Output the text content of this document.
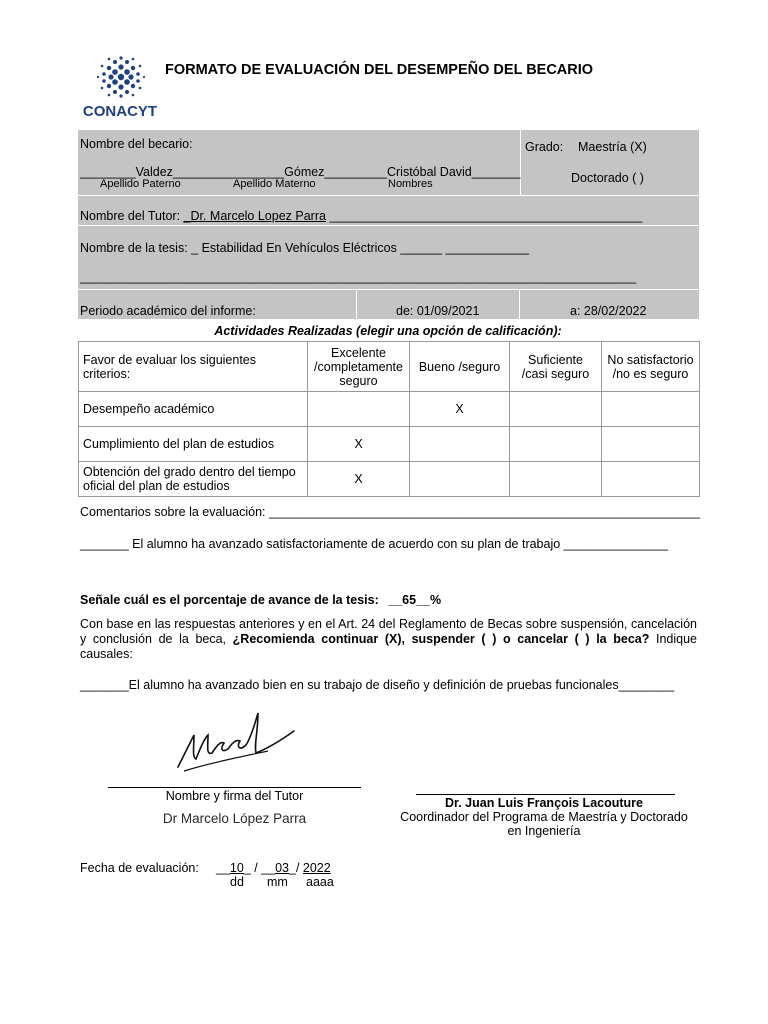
CONACYT
FORMATO DE EVALUACIÓN DEL DESEMPEÑO DEL BECARIO
Nombre del becario:
________Valdez________________Gómez_________Cristóbal David_______
Apellido Paterno	Apellido Materno	Nombres
Grado: Maestría (X)
Doctorado ( )
Nombre del Tutor: _Dr. Marcelo Lopez Parra _____________________________________________
Nombre de la tesis: _ Estabilidad En Vehículos Eléctricos ______ ____________
________________________________________________________________________________
Periodo académico del informe:	de: 01/09/2021	a: 28/02/2022
Actividades Realizadas (elegir una opción de calificación):
Favor de evaluar los siguientes criterios:	Excelente /completamente seguro	Bueno /seguro	Suficiente /casi seguro	No satisfactorio /no es seguro
Desempeño académico		X		
Cumplimiento del plan de estudios	X			
Obtención del grado dentro del tiempo oficial del plan de estudios	X			
Comentarios sobre la evaluación: ______________________________________________________________
_______ El alumno ha avanzado satisfactoriamente de acuerdo con su plan de trabajo _______________
Señale cuál es el porcentaje de avance de la tesis: __65__%
Con base en las respuestas anteriores y en el Art. 24 del Reglamento de Becas sobre suspensión, cancelación y conclusión de la beca, ¿Recomienda continuar (X), suspender ( ) o cancelar ( ) la beca? Indique causales:
_______El alumno ha avanzado bien en su trabajo de diseño y definición de pruebas funcionales________
Nombre y firma del Tutor
Dr Marcelo López Parra
Dr. Juan Luis François Lacouture
Coordinador del Programa de Maestría y Doctorado
en Ingeniería
Fecha de evaluación: __10_ / __03_/ 2022
dd mm aaaa
